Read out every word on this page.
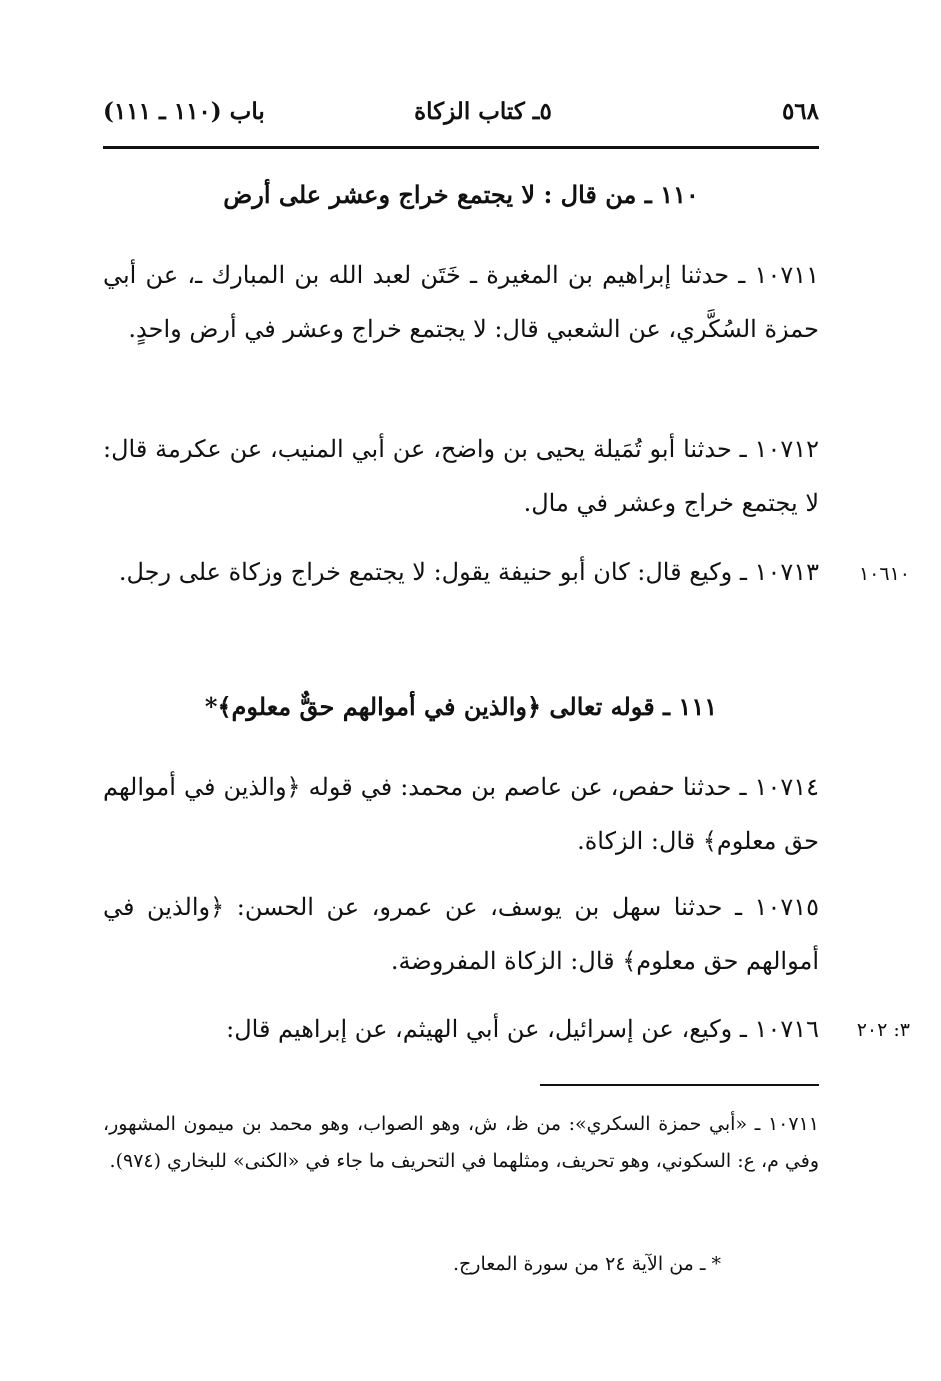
٥٦٨
٥ـ كتاب الزكاة
باب (١١٠ ـ ١١١)
١١٠ ـ من قال : لا يجتمع خراج وعشر على أرض
١٠٧١١ ـ حدثنا إبراهيم بن المغيرة ـ خَتَن لعبد الله بن المبارك ـ، عن أبي حمزة السُكَّري، عن الشعبي قال: لا يجتمع خراج وعشر في أرض واحدٍ.
١٠٧١٢ ـ حدثنا أبو تُمَيلة يحيى بن واضح، عن أبي المنيب، عن عكرمة قال: لا يجتمع خراج وعشر في مال.
١٠٧١٣ ـ وكيع قال: كان أبو حنيفة يقول: لا يجتمع خراج وزكاة على رجل.	١٠٦١٠
١١١ ـ قوله تعالى ﴿والذين في أموالهم حقٌّ معلوم﴾*
١٠٧١٤ ـ حدثنا حفص، عن عاصم بن محمد: في قوله ﴿والذين في أموالهم حق معلوم﴾ قال: الزكاة.
١٠٧١٥ ـ حدثنا سهل بن يوسف، عن عمرو، عن الحسن: ﴿والذين في أموالهم حق معلوم﴾ قال: الزكاة المفروضة.
١٠٧١٦ ـ وكيع، عن إسرائيل، عن أبي الهيثم، عن إبراهيم قال:	٣: ٢٠٢
١٠٧١١ ـ «أبي حمزة السكري»: من ظ، ش، وهو الصواب، وهو محمد بن ميمون المشهور، وفي م، ع: السكوني، وهو تحريف، ومثلهما في التحريف ما جاء في «الكنى» للبخاري (٩٧٤).
* ـ من الآية ٢٤ من سورة المعارج.
